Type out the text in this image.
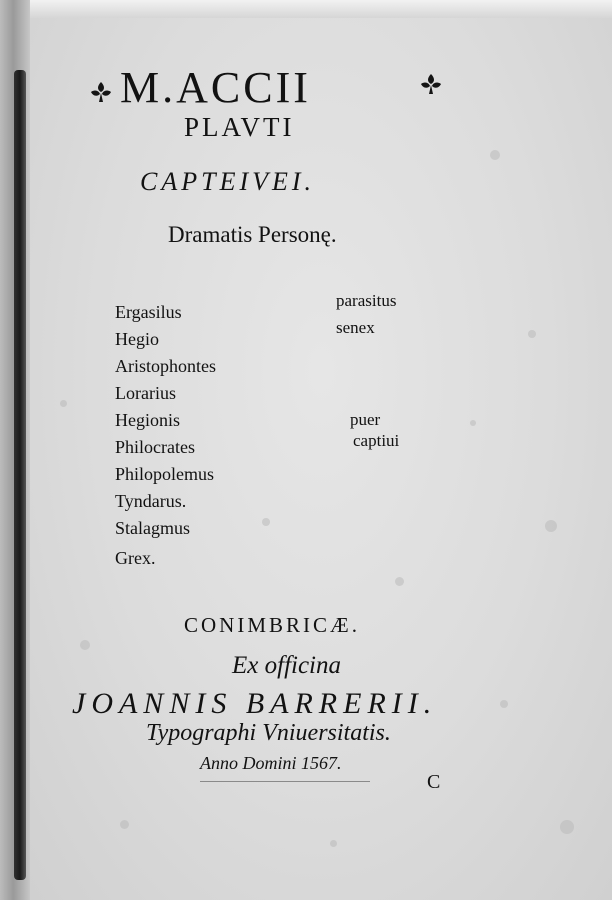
M.ACCII
PLAVTI
CAPTEIVEI.
Dramatis Personę.
Ergasilus
Hegio
Aristophontes
Lorarius
Hegionis
Philocrates
Philopolemus
Tyndarus.
Stalagmus
Grex.
parasitus
senex
puer
captiui
CONIMBRICÆ.
Ex officina
JOANNIS BARRERII.
Typographi Vniuersitatis.
Anno Domini 1567.
C
